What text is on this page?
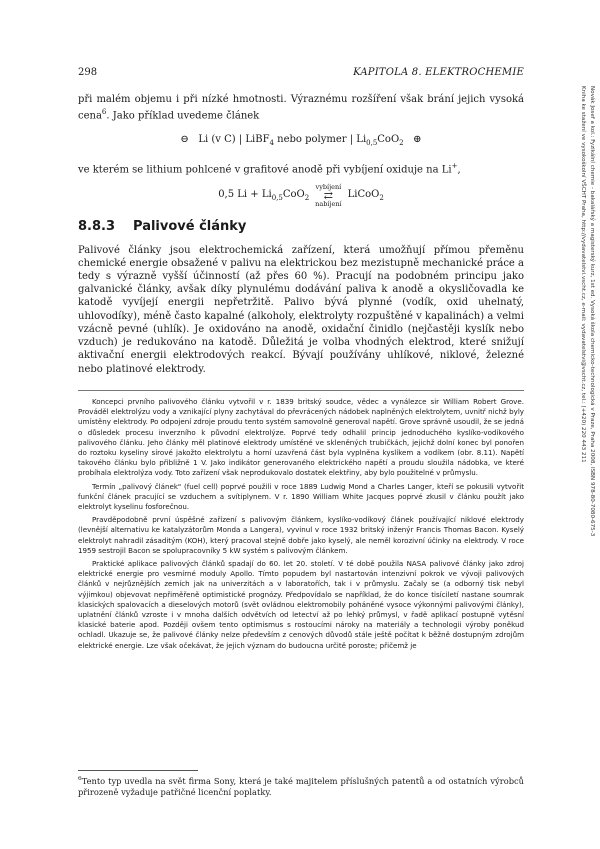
298	KAPITOLA 8. ELEKTROCHEMIE

při malém objemu i při nízké hmotnosti. Výraznému rozšíření však brání jejich vysoká cena$^6$. Jako příklad uvedeme článek

⊖ Li (v C) | LiBF$_4$ nebo polymer | $Li_{0,5}CoO_2$ ⊕

ve kterém se lithium pohlcené v grafitové anodě při vybíjení oxiduje na Li+,

0,5 $Li + Li_{0,5}CoO_2$
vybíjení
⇄
nabíjení
LiCoO$_2$
8.8.3 Palivové články

Palivové články jsou elektrochemická zařízení, která umožňují přímou přeměnu chemické energie obsažené v palivu na elektrickou bez mezistupně mechanické práce a tedy s výrazně vyšší účinností (až přes 60 %). Pracují na podobném principu jako galvanické články, avšak díky plynulému dodávání paliva k anodě a okysličovadla ke katodě vyvíjejí energii nepřetržitě. Palivo bývá plynné (vodík, oxid uhelnatý, uhlovodíky), méně často kapalné (alkoholy, elektrolyty rozpuštěné v kapalinách) a velmi vzácně pevné (uhlík). Je oxidováno na anodě, oxidační činidlo (nejčastěji kyslík nebo vzduch) je redukováno na katodě. Důležitá je volba vhodných elektrod, které snižují aktivační energii elektrodových reakcí. Bývají používány uhlíkové, niklové, železné nebo platinové elektrody.

Koncepci prvního palivového článku vytvořil v r. 1839 britský soudce, vědec a vynálezce sir William Robert Grove. Prováděl elektrolýzu vody a vznikající plyny zachytával do převrácených nádobek naplněných elektrolytem, uvnitř nichž byly umístěny elektrody. Po odpojení zdroje proudu tento systém samovolně generoval napětí. Grove správně usoudil, že se jedná o důsledek procesu inverzního k původní elektrolýze. Poprvé tedy odhalil princip jednoduchého kyslíko-vodíkového palivového článku. Jeho články měl platinové elektrody umístěné ve skleněných trubičkách, jejichž dolní konec byl ponořen do roztoku kyseliny sírové jakožto elektrolytu a horní uzavřená část byla vyplněna kyslíkem a vodíkem (obr. 8.11). Napětí takového článku bylo přibližně 1 V. Jako indikátor generovaného elektrického napětí a proudu sloužila nádobka, ve které probíhala elektrolýza vody. Toto zařízení však neprodukovalo dostatek elektřiny, aby bylo použitelné v průmyslu.

Termín „palivový článek" (fuel cell) poprvé použili v roce 1889 Ludwig Mond a Charles Langer, kteří se pokusili vytvořit funkční článek pracující se vzduchem a svítiplynem. V r. 1890 William White Jacques poprvé zkusil v článku použít jako elektrolyt kyselinu fosforečnou.

Pravděpodobně první úspěšné zařízení s palivovým článkem, kyslíko-vodíkový článek používající niklové elektrody (levnější alternativu ke katalyzátorům Monda a Langera), vyvinul v roce 1932 britský inženýr Francis Thomas Bacon. Kyselý elektrolyt nahradil zásaditým (KOH), který pracoval stejně dobře jako kyselý, ale neměl korozivní účinky na elektrody. V roce 1959 sestrojil Bacon se spolupracovníky 5 kW systém s palivovým článkem.

Praktické aplikace palivových článků spadají do 60. let 20. století. V té době použila NASA palivové články jako zdroj elektrické energie pro vesmírné moduly Apollo. Tímto popudem byl nastartován intenzivní pokrok ve vývoji palivových článků v nejrůznějších zemích jak na univerzitách a v laboratořích, tak i v průmyslu. Začaly se (a odborný tisk nebyl výjimkou) objevovat nepřiměřeně optimistické prognózy. Předpovídalo se například, že do konce tisíciletí nastane soumrak klasických spalovacích a dieselových motorů (svět ovládnou elektromobily poháněné vysoce výkonnými palivovými články), uplatnění článků vzroste i v mnoha dalších odvětvích od letectví až po lehký průmysl, v řadě aplikací postupně vytěsní klasické baterie apod. Později ovšem tento optimismus s rostoucími nároky na materiály a technologii výroby poněkud ochladl. Ukazuje se, že palivové články nelze především z cenových důvodů stále ještě počítat k běžně dostupným zdrojům elektrické energie. Lze však očekávat, že jejich význam do budoucna určitě poroste; přičemž je

$^6$Tento typ uvedla na svět firma Sony, která je také majitelem příslušných patentů a od ostatních výrobců přirozeně vyžaduje patřičné licenční poplatky.
Novák Josef a kol.: Fyzikální chemie - bakalářský a magisterský kurz, 1st ed. Vysoká škola chemicko-technologická v Praze, Praha 2008, ISBN 978-80-7080-675-3
Kniha ke stažení ve vysokoškolní VŠCHT Praha, http://vydavatelstvi.vscht.cz, e-mail: vydavatelstvi@vscht.cz, tel.: (+420) 220 443 211
